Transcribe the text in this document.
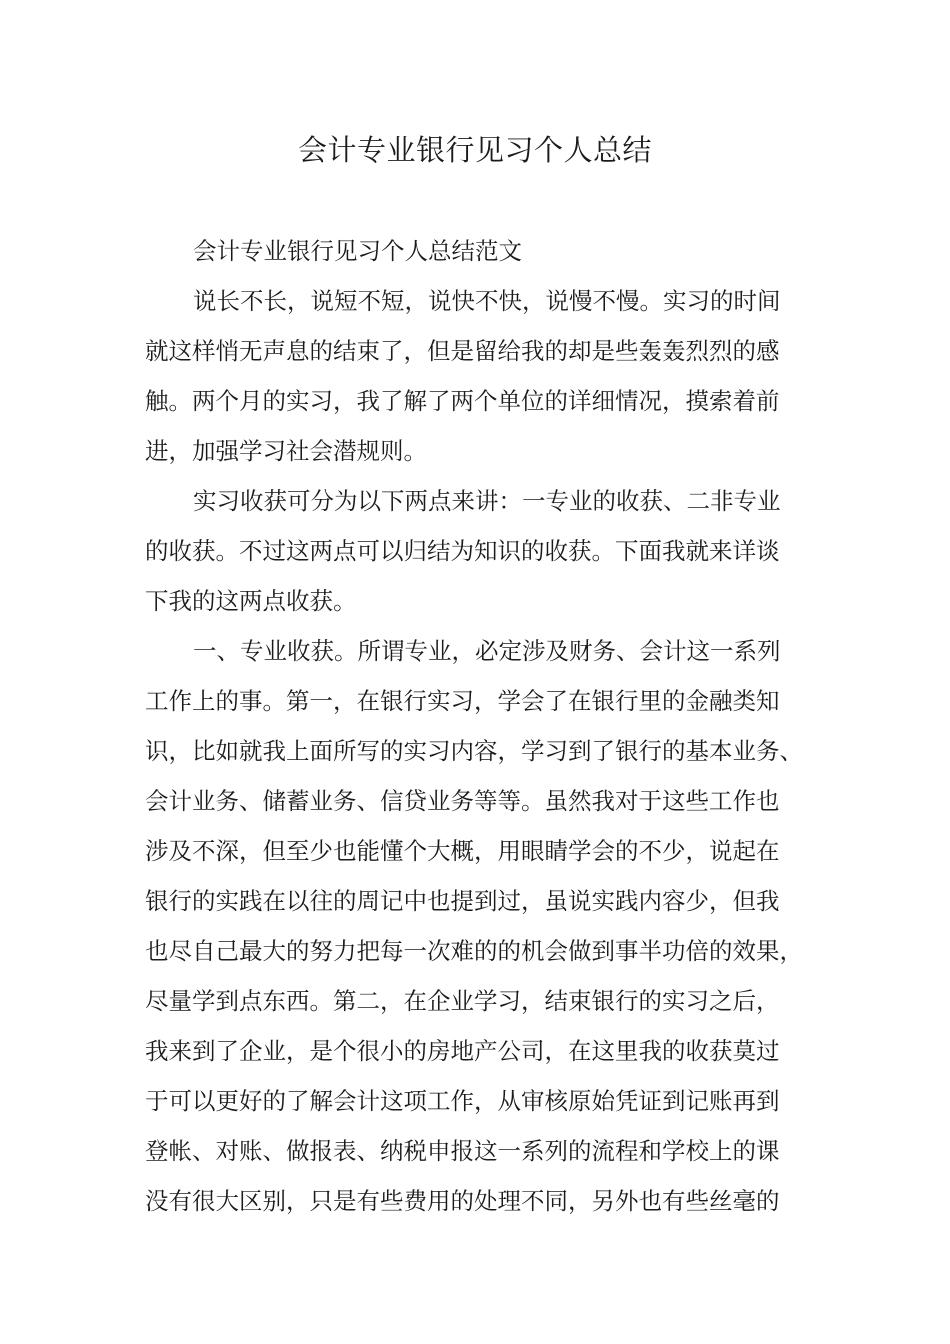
会计专业银行见习个人总结
会计专业银行见习个人总结范文
说长不长，说短不短，说快不快，说慢不慢。实习的时间
就这样悄无声息的结束了，但是留给我的却是些轰轰烈烈的感
触。两个月的实习，我了解了两个单位的详细情况，摸索着前
进，加强学习社会潜规则。
实习收获可分为以下两点来讲：一专业的收获、二非专业
的收获。不过这两点可以归结为知识的收获。下面我就来详谈
下我的这两点收获。
一、专业收获。所谓专业，必定涉及财务、会计这一系列
工作上的事。第一，在银行实习，学会了在银行里的金融类知
识，比如就我上面所写的实习内容，学习到了银行的基本业务、
会计业务、储蓄业务、信贷业务等等。虽然我对于这些工作也
涉及不深，但至少也能懂个大概，用眼睛学会的不少，说起在
银行的实践在以往的周记中也提到过，虽说实践内容少，但我
也尽自己最大的努力把每一次难的的机会做到事半功倍的效果，
尽量学到点东西。第二，在企业学习，结束银行的实习之后，
我来到了企业，是个很小的房地产公司，在这里我的收获莫过
于可以更好的了解会计这项工作，从审核原始凭证到记账再到
登帐、对账、做报表、纳税申报这一系列的流程和学校上的课
没有很大区别，只是有些费用的处理不同，另外也有些丝毫的
